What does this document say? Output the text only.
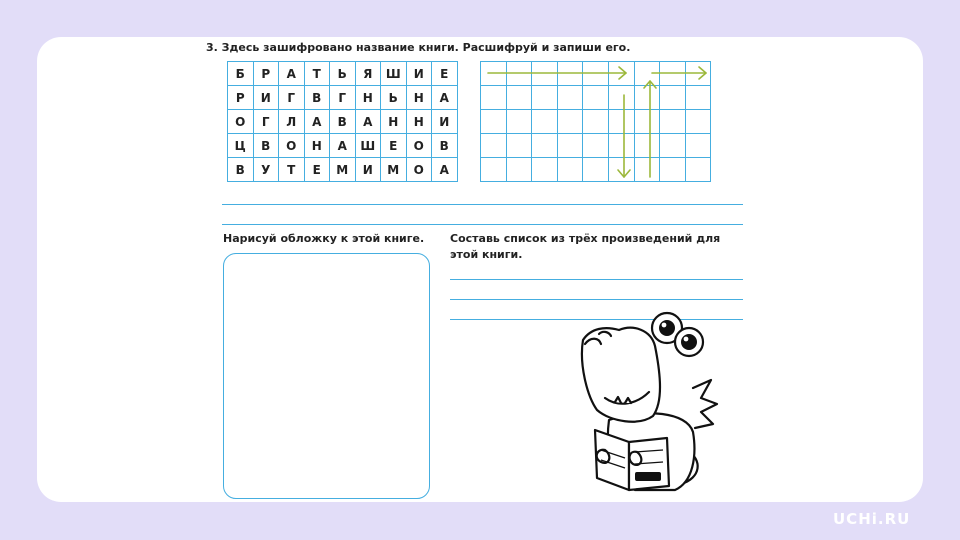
3. Здесь зашифровано название книги. Расшифруй и запиши его.
Б	Р	А	Т	Ь	Я	Ш	И	Е
Р	И	Г	В	Г	Н	Ь	Н	А
О	Г	Л	А	В	А	Н	Н	И
Ц	В	О	Н	А	Ш	Е	О	В
В	У	Т	Е	М	И	М	О	А

Нарисуй обложку к этой книге. Составь список из трёх произведений для
этой книги.
UCHi.RU
